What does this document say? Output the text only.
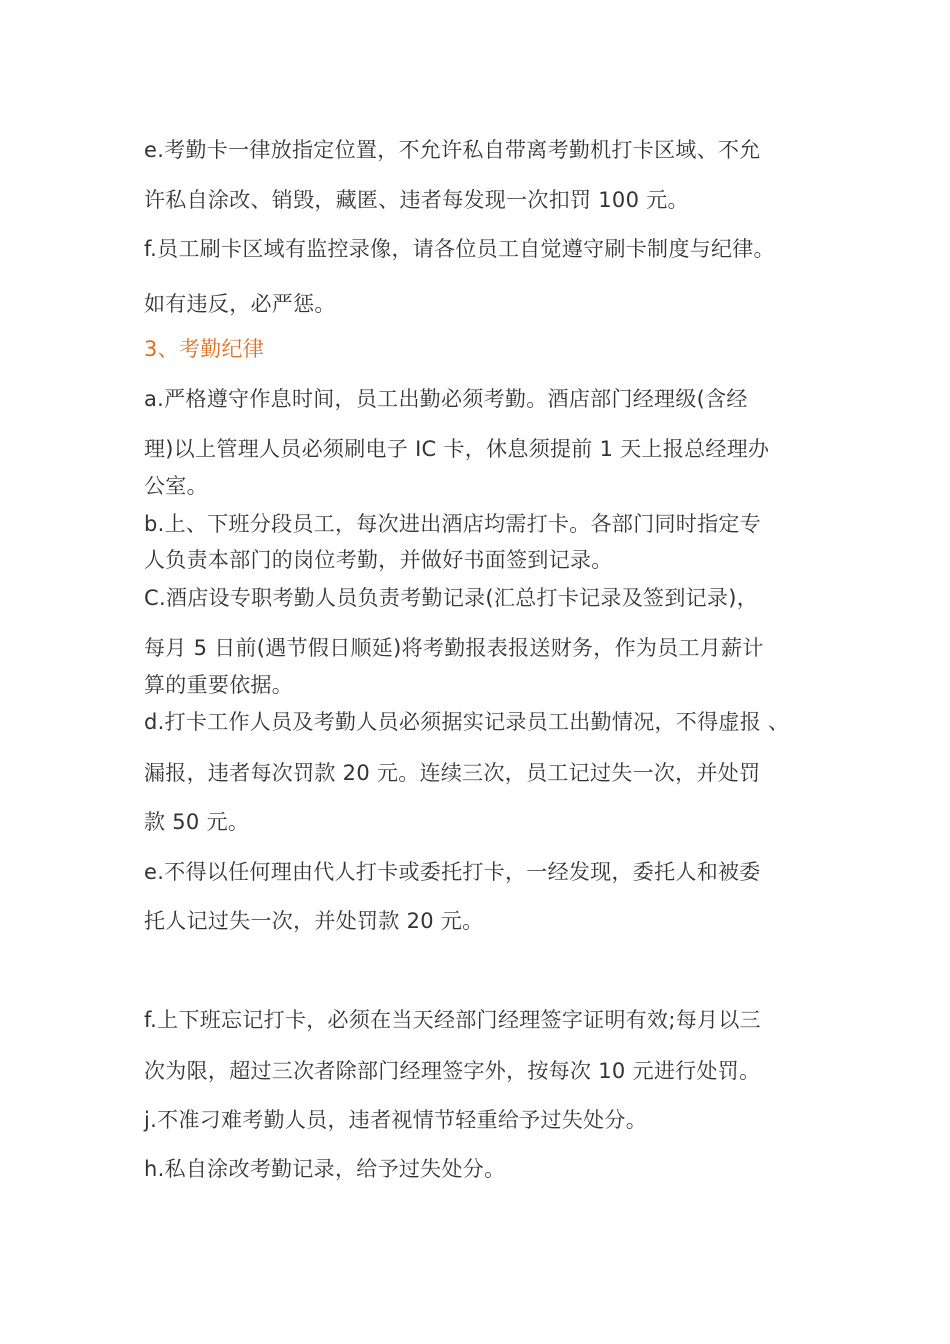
e.考勤卡一律放指定位置，不允许私自带离考勤机打卡区域、不允
许私自涂改、销毁，藏匿、违者每发现一次扣罚 100 元。
f.员工刷卡区域有监控录像，请各位员工自觉遵守刷卡制度与纪律。
如有违反，必严惩。
3、考勤纪律
a.严格遵守作息时间，员工出勤必须考勤。酒店部门经理级(含经
理)以上管理人员必须刷电子 IC 卡，休息须提前 1 天上报总经理办
公室。
b.上、下班分段员工，每次进出酒店均需打卡。各部门同时指定专
人负责本部门的岗位考勤，并做好书面签到记录。
C.酒店设专职考勤人员负责考勤记录(汇总打卡记录及签到记录)，
每月 5 日前(遇节假日顺延)将考勤报表报送财务，作为员工月薪计
算的重要依据。
d.打卡工作人员及考勤人员必须据实记录员工出勤情况，不得虚报 、
漏报，违者每次罚款 20 元。连续三次，员工记过失一次，并处罚
款 50 元。
e.不得以任何理由代人打卡或委托打卡，一经发现，委托人和被委
托人记过失一次，并处罚款 20 元。
f.上下班忘记打卡，必须在当天经部门经理签字证明有效;每月以三
次为限，超过三次者除部门经理签字外，按每次 10 元进行处罚。
j.不准刁难考勤人员，违者视情节轻重给予过失处分。
h.私自涂改考勤记录，给予过失处分。
